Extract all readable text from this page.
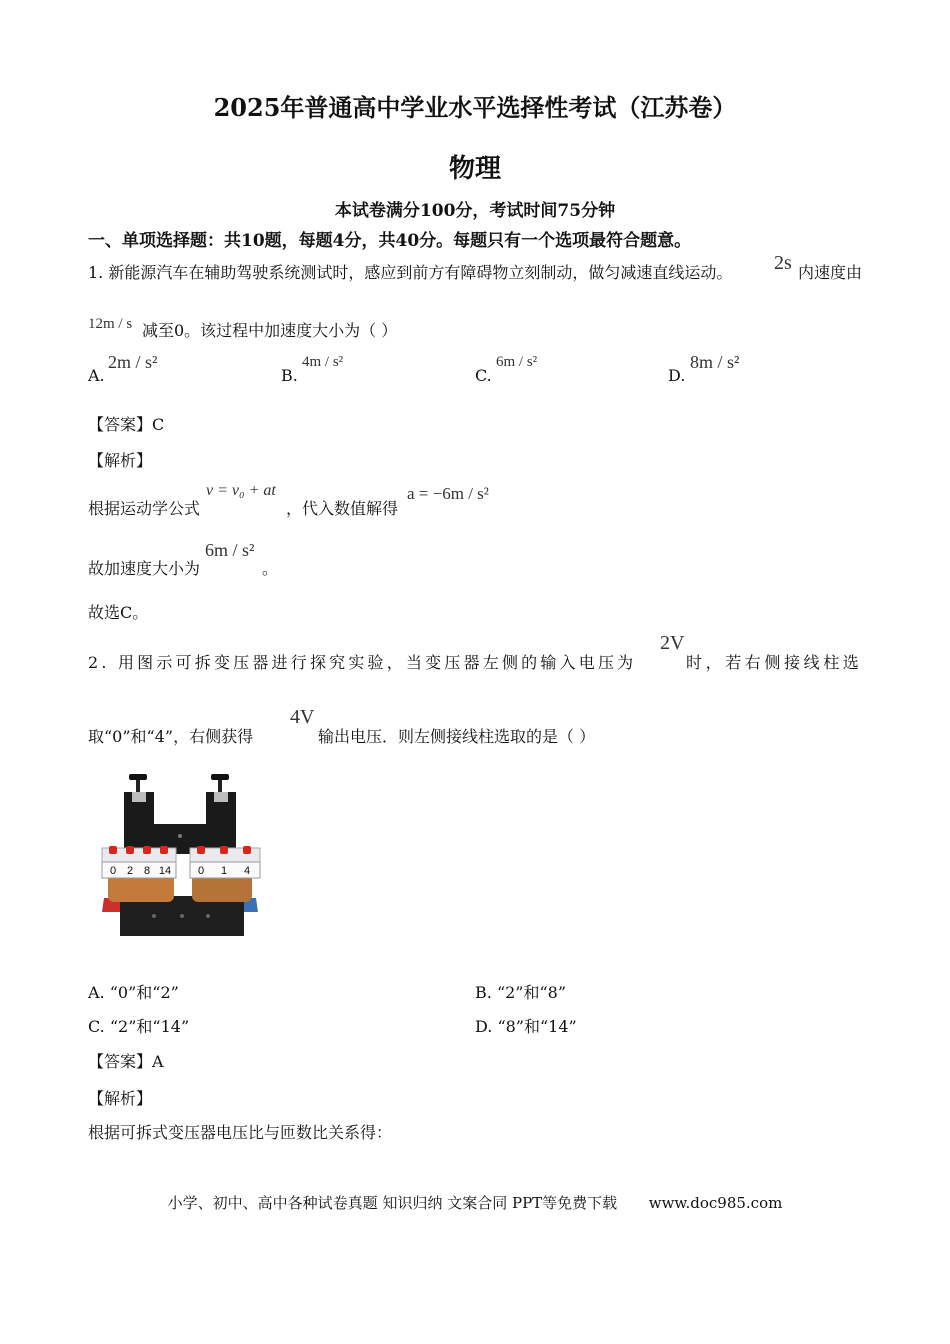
2025年普通高中学业水平选择性考试（江苏卷）
物理
本试卷满分100分，考试时间75分钟
一、单项选择题：共10题，每题4分，共40分。每题只有一个选项最符合题意。
1. 新能源汽车在辅助驾驶系统测试时，感应到前方有障碍物立刻制动，做匀减速直线运动。 2s 内速度由
12m / s 减至0。该过程中加速度大小为（ ）
A.
2m / s²
B.
4m / s²
C.
6m / s²
D.
8m / s²
【答案】C
【解析】
根据运动学公式
v = v₀ + at
，代入数值解得
a = −6m / s²
故加速度大小为
6m / s²
。
故选C。
2. 用图示可拆变压器进行探究实验，当变压器左侧的输入电压为
2V
时，若右侧接线柱选
取“0”和“4”，右侧获得
4V
输出电压．则左侧接线柱选取的是（ ）
0 2 8 14 0 1 4
A. “0”和“2”	B. “2”和“8”
C. “2”和“14”	D. “8”和“14”
【答案】A
【解析】
根据可拆式变压器电压比与匝数比关系得：
小学、初中、高中各种试卷真题 知识归纳 文案合同 PPT等免费下载 www.doc985.com
